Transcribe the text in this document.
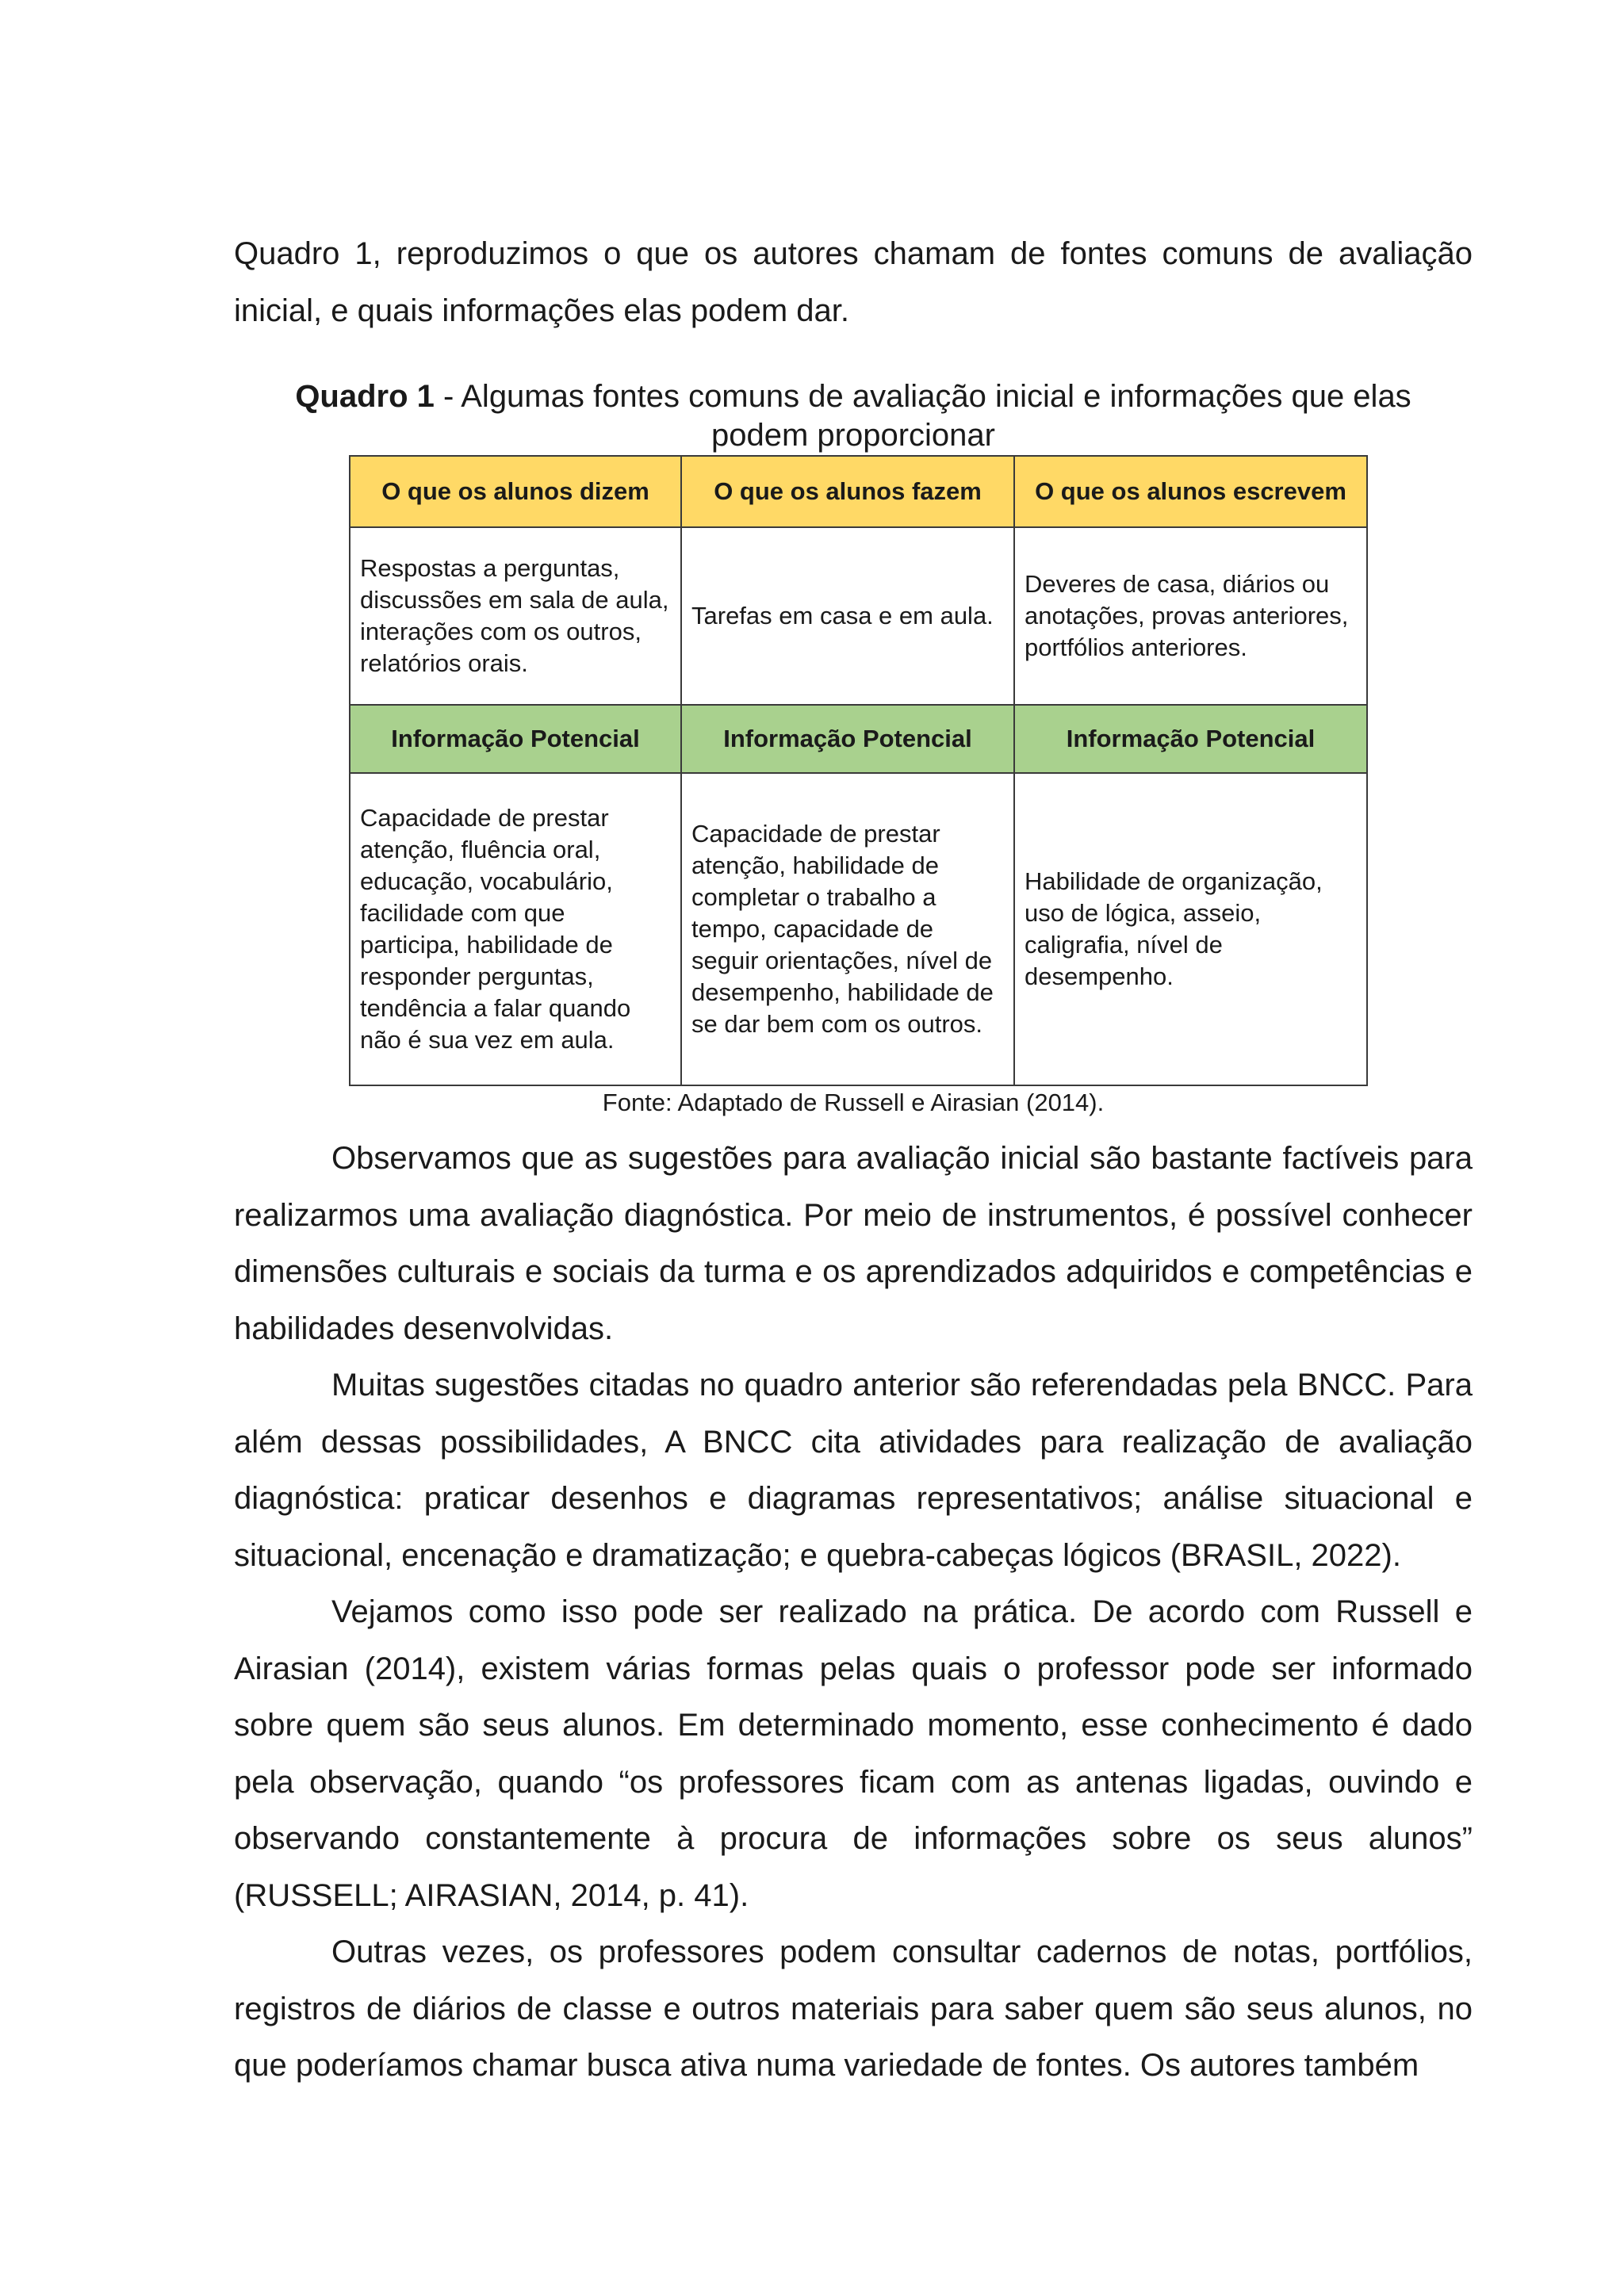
Quadro 1, reproduzimos o que os autores chamam de fontes comuns de avaliação inicial, e quais informações elas podem dar.

Quadro 1 - Algumas fontes comuns de avaliação inicial e informações que elas podem proporcionar

O que os alunos dizem	O que os alunos fazem	O que os alunos escrevem
Respostas a perguntas, discussões em sala de aula, interações com os outros, relatórios orais.	Tarefas em casa e em aula.	Deveres de casa, diários ou anotações, provas anteriores, portfólios anteriores.
Informação Potencial	Informação Potencial	Informação Potencial
Capacidade de prestar atenção, fluência oral, educação, vocabulário, facilidade com que participa, habilidade de responder perguntas, tendência a falar quando não é sua vez em aula.	Capacidade de prestar atenção, habilidade de completar o trabalho a tempo, capacidade de seguir orientações, nível de desempenho, habilidade de se dar bem com os outros.	Habilidade de organização, uso de lógica, asseio, caligrafia, nível de desempenho.

Fonte: Adaptado de Russell e Airasian (2014).

Observamos que as sugestões para avaliação inicial são bastante factíveis para realizarmos uma avaliação diagnóstica. Por meio de instrumentos, é possível conhecer dimensões culturais e sociais da turma e os aprendizados adquiridos e competências e habilidades desenvolvidas.

Muitas sugestões citadas no quadro anterior são referendadas pela BNCC. Para além dessas possibilidades, A BNCC cita atividades para realização de avaliação diagnóstica: praticar desenhos e diagramas representativos; análise situacional e situacional, encenação e dramatização; e quebra-cabeças lógicos (BRASIL, 2022).

Vejamos como isso pode ser realizado na prática. De acordo com Russell e Airasian (2014), existem várias formas pelas quais o professor pode ser informado sobre quem são seus alunos. Em determinado momento, esse conhecimento é dado pela observação, quando “os professores ficam com as antenas ligadas, ouvindo e observando constantemente à procura de informações sobre os seus alunos” (RUSSELL; AIRASIAN, 2014, p. 41).

Outras vezes, os professores podem consultar cadernos de notas, portfólios, registros de diários de classe e outros materiais para saber quem são seus alunos, no que poderíamos chamar busca ativa numa variedade de fontes. Os autores também
